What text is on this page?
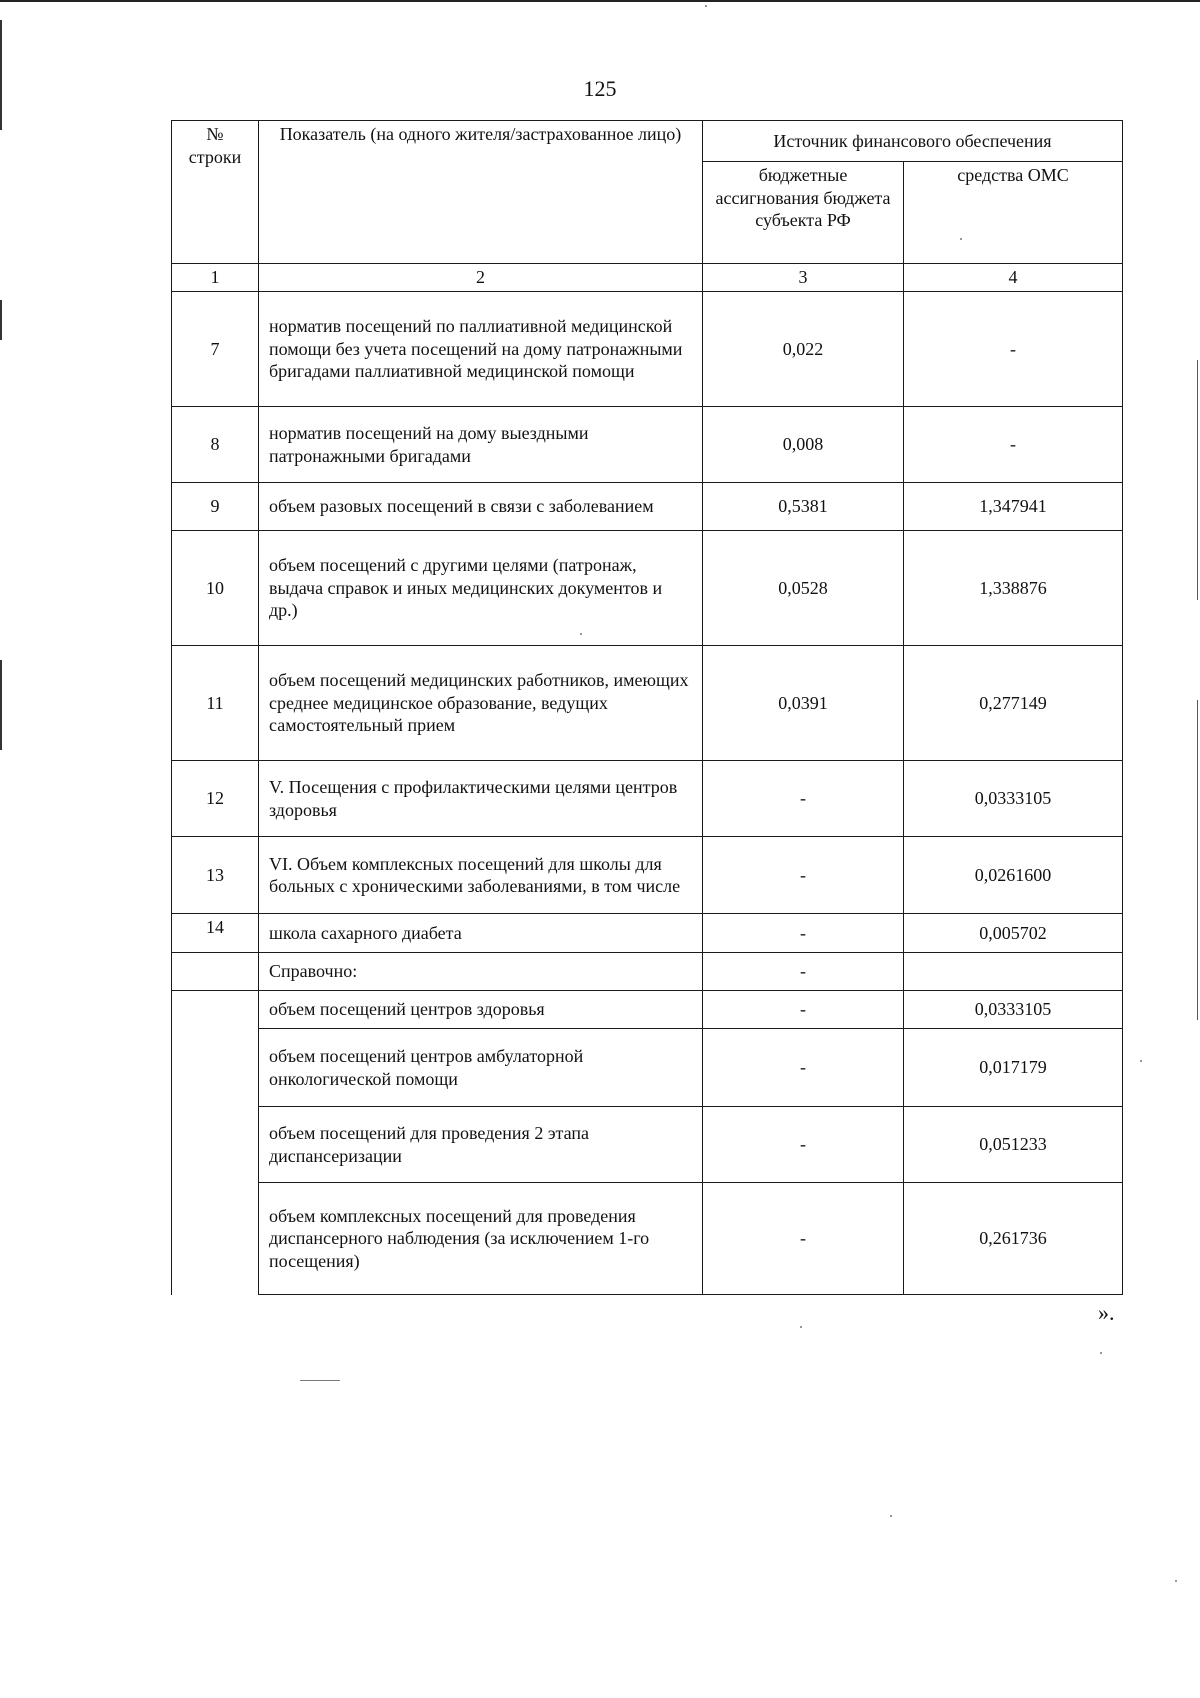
125
№ строки	Показатель (на одного жителя/застрахованное лицо)	Источник финансового обеспечения	
		бюджетные ассигнования бюджета субъекта РФ	средства ОМС
1	2	3	4
7	норматив посещений по паллиативной медицинской помощи без учета посещений на дому патронажными бригадами паллиативной медицинской помощи	0,022	-
8	норматив посещений на дому выездными патронажными бригадами	0,008	-
9	объем разовых посещений в связи с заболеванием	0,5381	1,347941
10	объем посещений с другими целями (патронаж, выдача справок и иных медицинских документов и др.)	0,0528	1,338876
11	объем посещений медицинских работников, имеющих среднее медицинское образование, ведущих самостоятельный прием	0,0391	0,277149
12	V. Посещения с профилактическими целями центров здоровья	-	0,0333105
13	VI. Объем комплексных посещений для школы для больных с хроническими заболеваниями, в том числе	-	0,0261600
14	школа сахарного диабета	-	0,005702
	Справочно:	-	
	объем посещений центров здоровья	-	0,0333105
	объем посещений центров амбулаторной онкологической помощи	-	0,017179
	объем посещений для проведения 2 этапа диспансеризации	-	0,051233
	объем комплексных посещений для проведения диспансерного наблюдения (за исключением 1-го посещения)	-	0,261736
».
